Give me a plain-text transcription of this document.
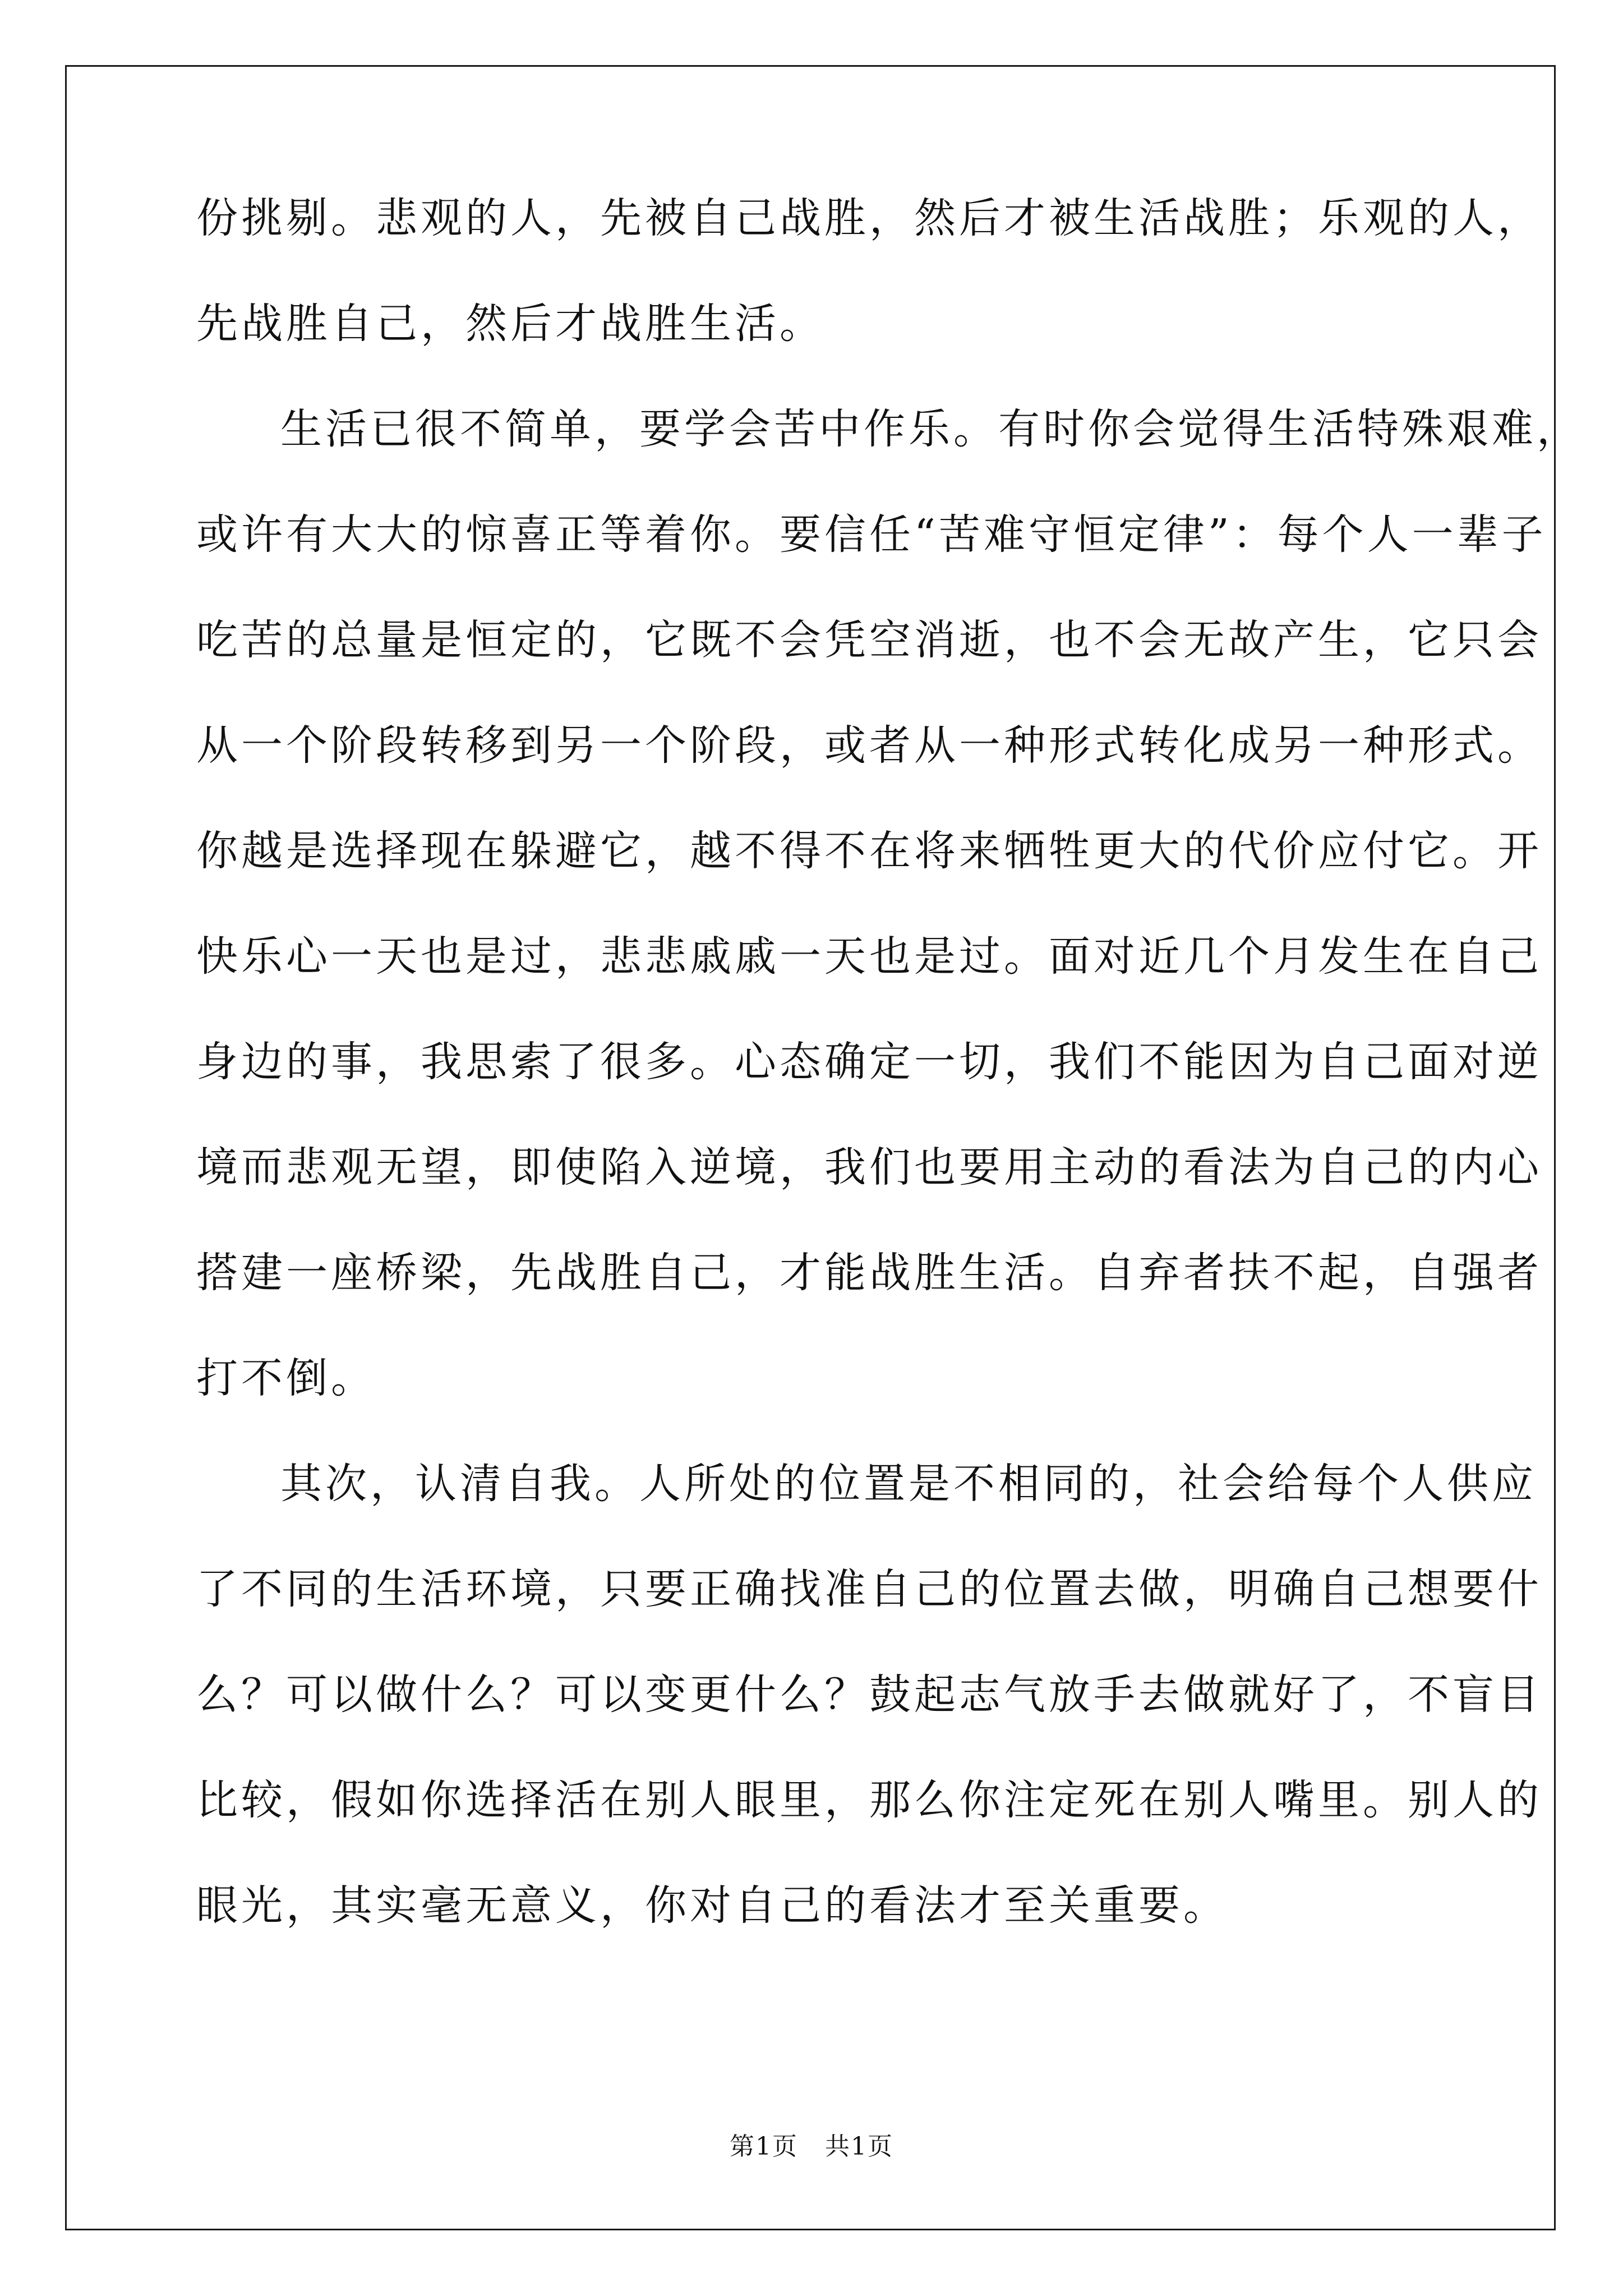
份挑剔。悲观的人，先被自己战胜，然后才被生活战胜；乐观的人，
先战胜自己，然后才战胜生活。
生活已很不简单，要学会苦中作乐。有时你会觉得生活特殊艰难，
或许有大大的惊喜正等着你。要信任“苦难守恒定律”：每个人一辈子
吃苦的总量是恒定的，它既不会凭空消逝，也不会无故产生，它只会
从一个阶段转移到另一个阶段，或者从一种形式转化成另一种形式。
你越是选择现在躲避它，越不得不在将来牺牲更大的代价应付它。开
快乐心一天也是过，悲悲戚戚一天也是过。面对近几个月发生在自己
身边的事，我思索了很多。心态确定一切，我们不能因为自己面对逆
境而悲观无望，即使陷入逆境，我们也要用主动的看法为自己的内心
搭建一座桥梁，先战胜自己，才能战胜生活。自弃者扶不起，自强者
打不倒。
其次，认清自我。人所处的位置是不相同的，社会给每个人供应
了不同的生活环境，只要正确找准自己的位置去做，明确自己想要什
么？可以做什么？可以变更什么？鼓起志气放手去做就好了，不盲目
比较，假如你选择活在别人眼里，那么你注定死在别人嘴里。别人的
眼光，其实毫无意义，你对自己的看法才至关重要。
第1页 共1页
